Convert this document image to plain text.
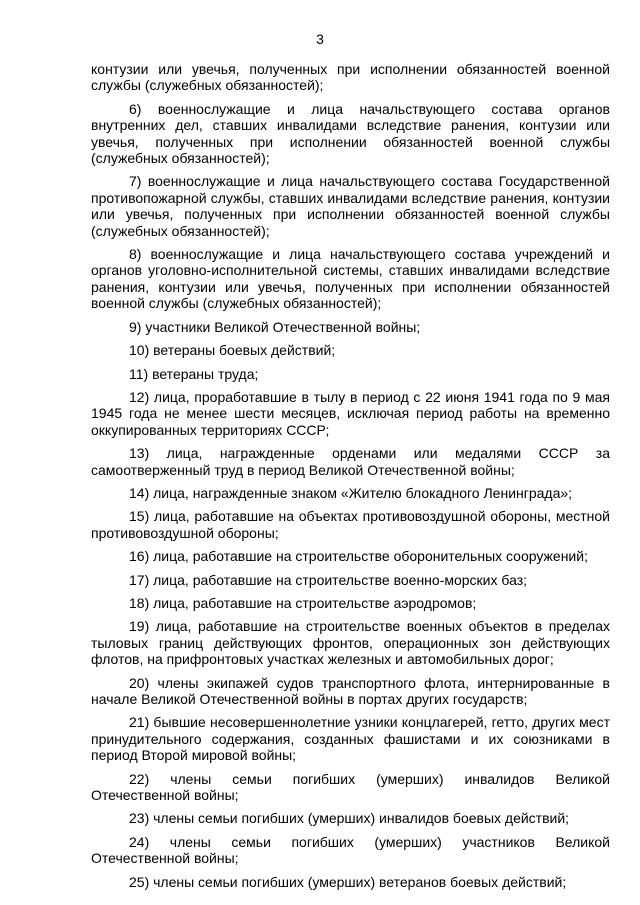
3

контузии или увечья, полученных при исполнении обязанностей военной службы (служебных обязанностей);

6) военнослужащие и лица начальствующего состава органов внутренних дел, ставших инвалидами вследствие ранения, контузии или увечья, полученных при исполнении обязанностей военной службы (служебных обязанностей);

7) военнослужащие и лица начальствующего состава Государственной противопожарной службы, ставших инвалидами вследствие ранения, контузии или увечья, полученных при исполнении обязанностей военной службы (служебных обязанностей);

8) военнослужащие и лица начальствующего состава учреждений и органов уголовно-исполнительной системы, ставших инвалидами вследствие ранения, контузии или увечья, полученных при исполнении обязанностей военной службы (служебных обязанностей);

9) участники Великой Отечественной войны;

10) ветераны боевых действий;

11) ветераны труда;

12) лица, проработавшие в тылу в период с 22 июня 1941 года по 9 мая 1945 года не менее шести месяцев, исключая период работы на временно оккупированных территориях СССР;

13) лица, награжденные орденами или медалями СССР за самоотверженный труд в период Великой Отечественной войны;

14) лица, награжденные знаком «Жителю блокадного Ленинграда»;

15) лица, работавшие на объектах противовоздушной обороны, местной противовоздушной обороны;

16) лица, работавшие на строительстве оборонительных сооружений;

17) лица, работавшие на строительстве военно-морских баз;

18) лица, работавшие на строительстве аэродромов;

19) лица, работавшие на строительстве военных объектов в пределах тыловых границ действующих фронтов, операционных зон действующих флотов, на прифронтовых участках железных и автомобильных дорог;

20) члены экипажей судов транспортного флота, интернированные в начале Великой Отечественной войны в портах других государств;

21) бывшие несовершеннолетние узники концлагерей, гетто, других мест принудительного содержания, созданных фашистами и их союзниками в период Второй мировой войны;

22) члены семьи погибших (умерших) инвалидов Великой Отечественной войны;

23) члены семьи погибших (умерших) инвалидов боевых действий;

24) члены семьи погибших (умерших) участников Великой Отечественной войны;

25) члены семьи погибших (умерших) ветеранов боевых действий;
